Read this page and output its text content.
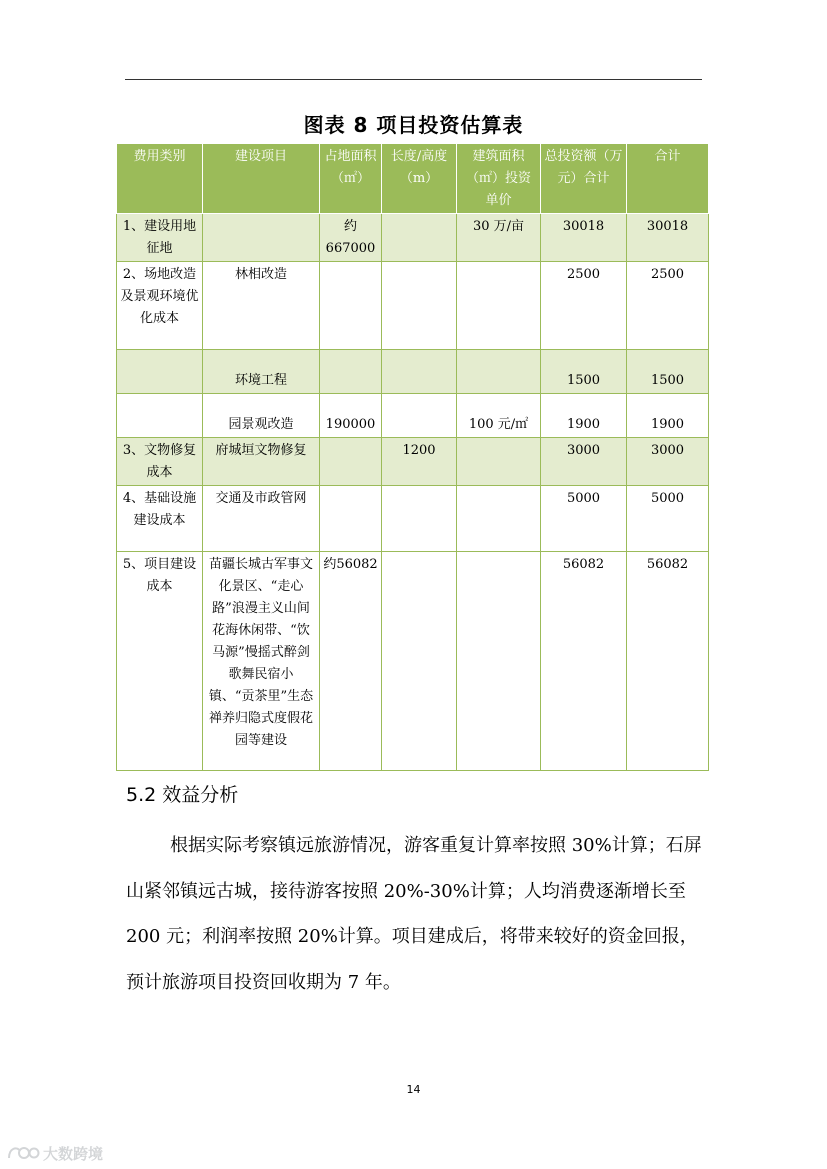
图表 8 项目投资估算表
费用类别	建设项目	占地面积（㎡）	长度/高度（m）	建筑面积（㎡）投资单价	总投资额（万元）合计	合计
1、建设用地征地		约667000		30 万/亩	30018	30018
2、场地改造及景观环境优化成本	林相改造				2500	2500
	环境工程				1500	1500
	园景观改造	190000		100 元/㎡	1900	1900
3、文物修复成本	府城垣文物修复		1200		3000	3000
4、基础设施建设成本	交通及市政管网				5000	5000
5、项目建设成本	苗疆长城古军事文化景区、“走心路”浪漫主义山间花海休闲带、“饮马源”慢摇式醉剑歌舞民宿小镇、“贡茶里”生态禅养归隐式度假花园等建设	约56082			56082	56082
5.2 效益分析

根据实际考察镇远旅游情况，游客重复计算率按照 30%计算；石屏山紧邻镇远古城，接待游客按照 20%-30%计算；人均消费逐渐增长至 200 元；利润率按照 20%计算。项目建成后，将带来较好的资金回报，预计旅游项目投资回收期为 7 年。

14
大数跨境
